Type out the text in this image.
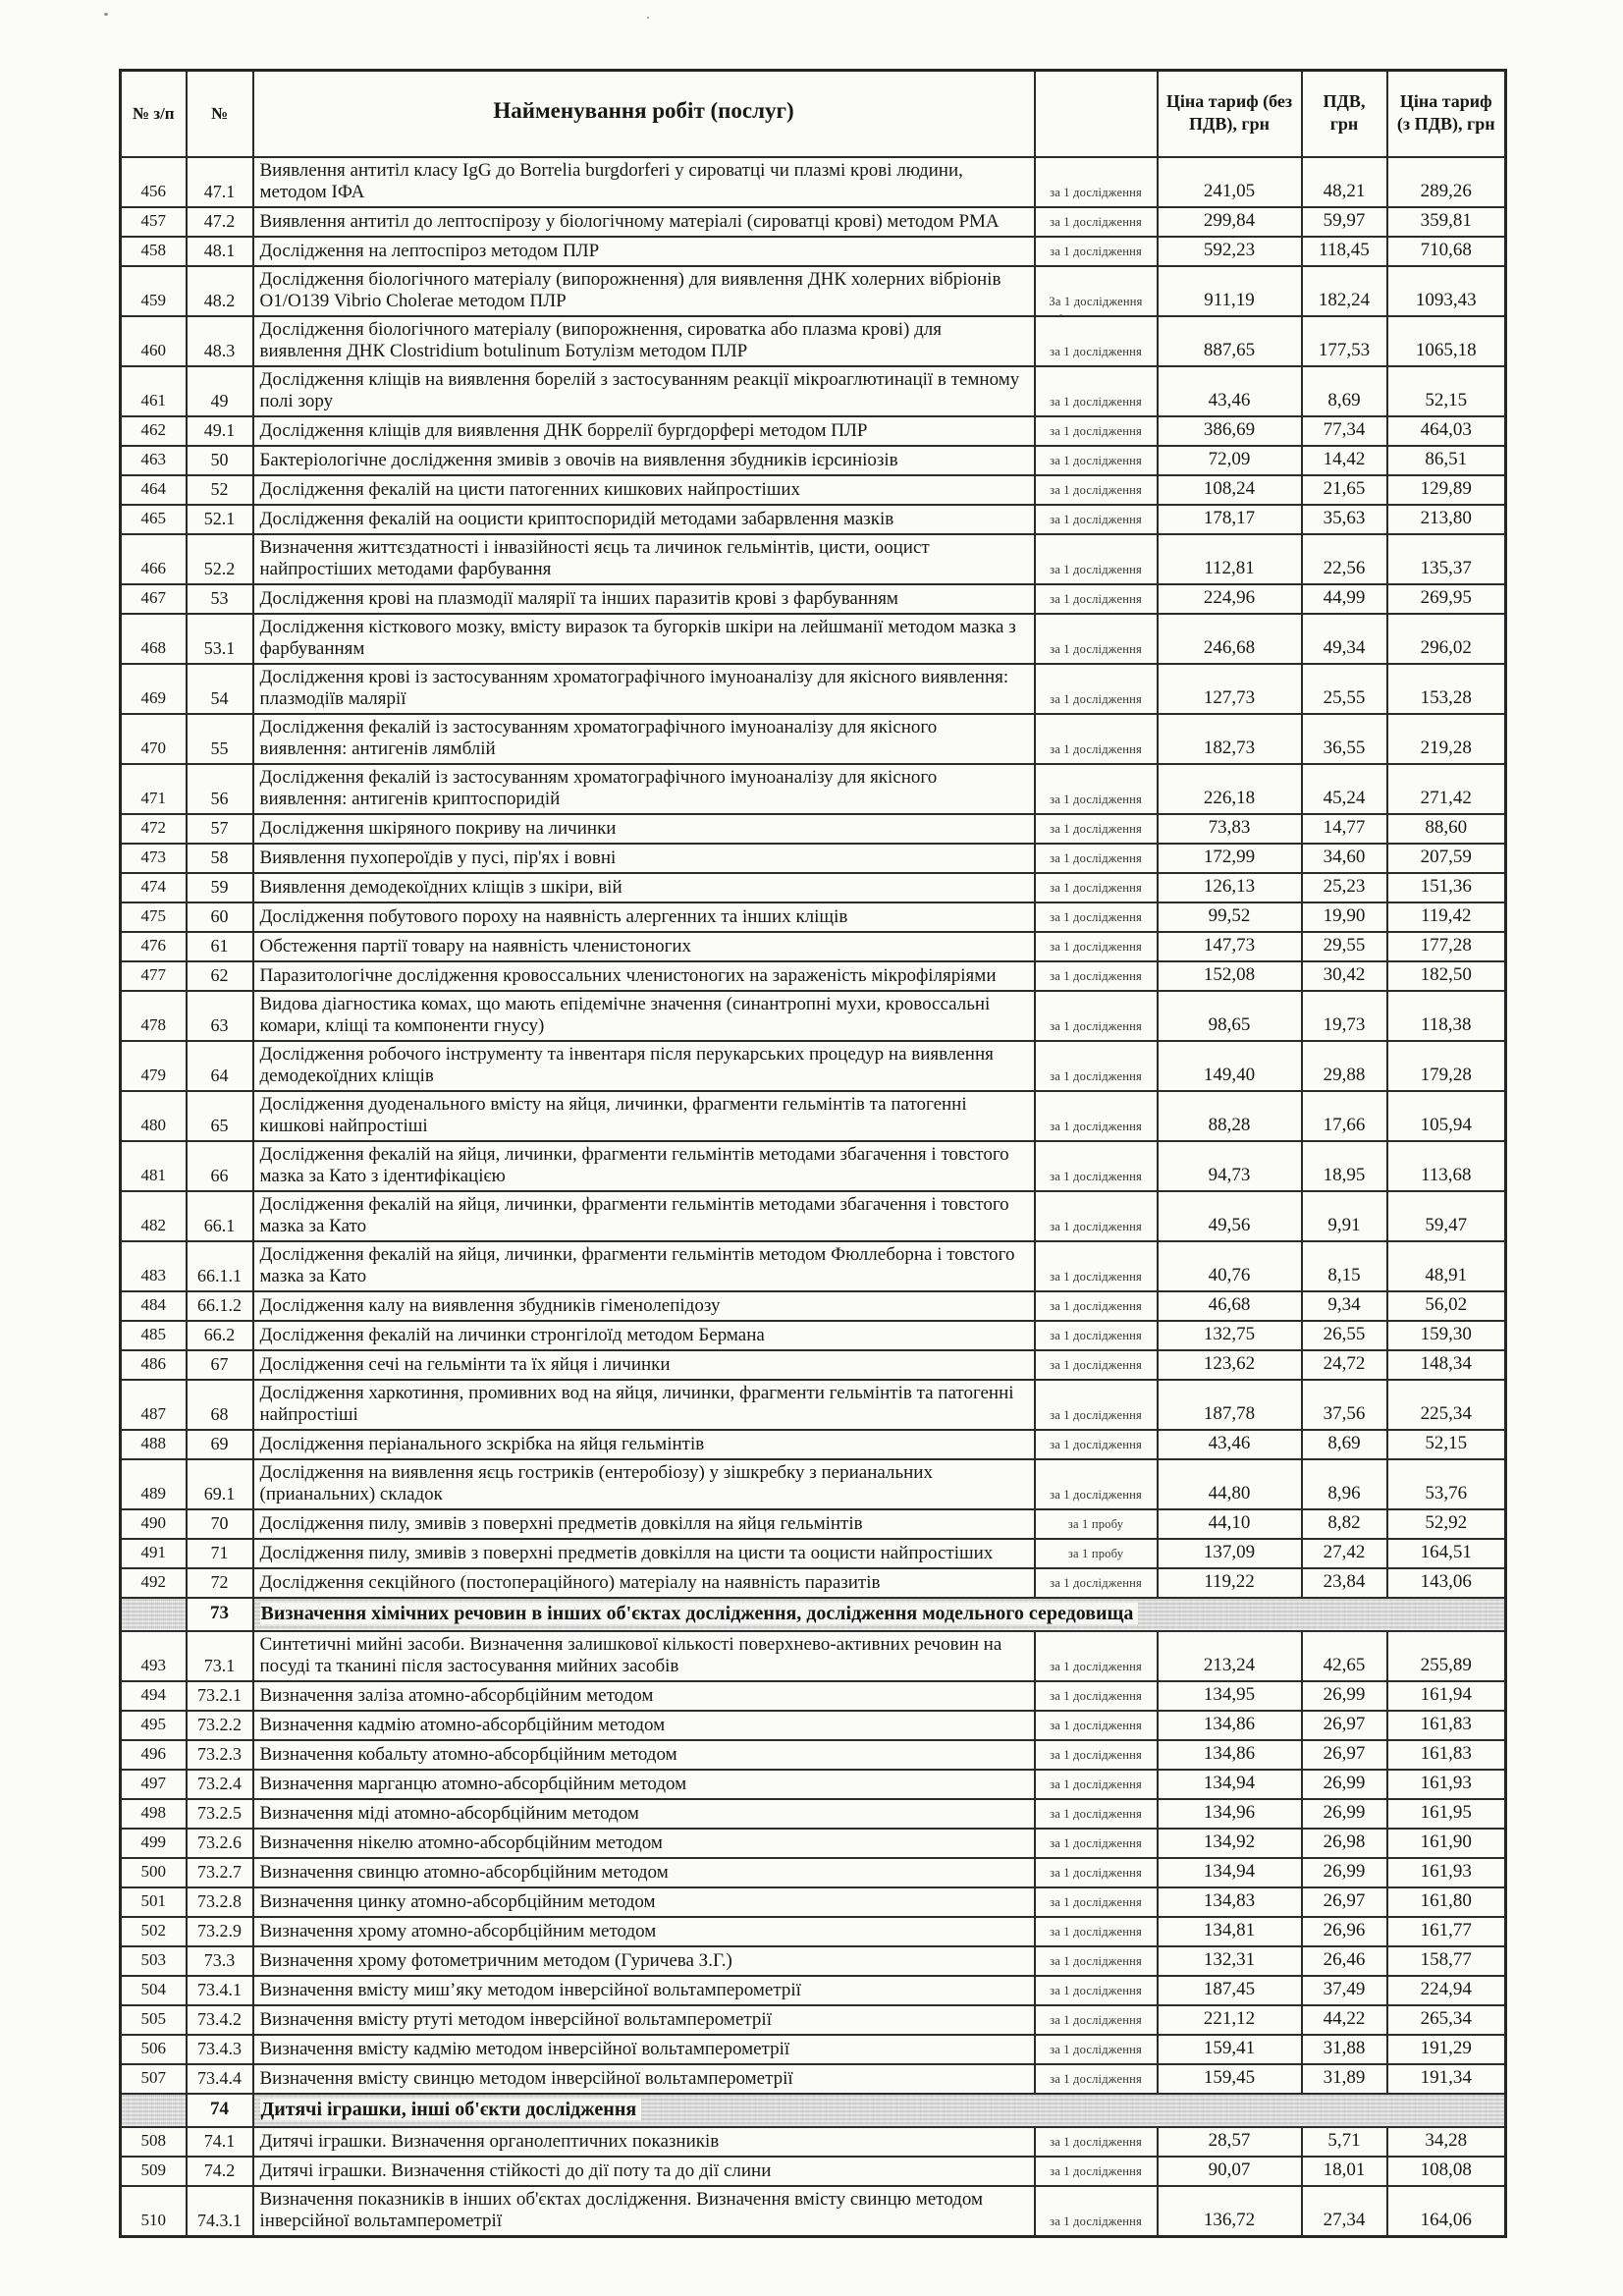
№ з/п	№	Найменування робіт (послуг)		Ціна тариф (без ПДВ), грн	ПДВ, грн	Ціна тариф (з ПДВ), грн
456	47.1	Виявлення антитіл класу IgG до Borrelia burgdorferi у сироватці чи плазмі крові людини, методом ІФА	за 1 дослідження	241,05	48,21	289,26
457	47.2	Виявлення антитіл до лептоспірозу у біологічному матеріалі (сироватці крові) методом РМА	за 1 дослідження	299,84	59,97	359,81
458	48.1	Дослідження на лептоспіроз методом ПЛР	за 1 дослідження	592,23	118,45	710,68
459	48.2	Дослідження біологічного матеріалу (випорожнення) для виявлення ДНК холерних вібріонів О1/О139 Vibrio Cholerae методом ПЛР	За 1 дослідження	911,19	182,24	1093,43
460	48.3	Дослідження біологічного матеріалу (випорожнення, сироватка або плазма крові) для виявлення ДНК Clostridium botulinum Ботулізм методом ПЛР	за 1 дослідження	887,65	177,53	1065,18
461	49	Дослідження кліщів на виявлення борелій з застосуванням реакції мікроаглютинації в темному полі зору	за 1 дослідження	43,46	8,69	52,15
462	49.1	Дослідження кліщів для виявлення ДНК боррелії бургдорфері методом ПЛР	за 1 дослідження	386,69	77,34	464,03
463	50	Бактеріологічне дослідження змивів з овочів на виявлення збудників ієрсиніозів	за 1 дослідження	72,09	14,42	86,51
464	52	Дослідження фекалій на цисти патогенних кишкових найпростіших	за 1 дослідження	108,24	21,65	129,89
465	52.1	Дослідження фекалій на ооцисти криптоспоридій методами забарвлення мазків	за 1 дослідження	178,17	35,63	213,80
466	52.2	Визначення життєздатності і інвазійності яєць та личинок гельмінтів, цисти, ооцист найпростіших методами фарбування	за 1 дослідження	112,81	22,56	135,37
467	53	Дослідження крові на плазмодії малярії та інших паразитів крові з фарбуванням	за 1 дослідження	224,96	44,99	269,95
468	53.1	Дослідження кісткового мозку, вмісту виразок та бугорків шкіри на лейшманії методом мазка з фарбуванням	за 1 дослідження	246,68	49,34	296,02
469	54	Дослідження крові із застосуванням хроматографічного імуноаналізу для якісного виявлення: плазмодіїв малярії	за 1 дослідження	127,73	25,55	153,28
470	55	Дослідження фекалій із застосуванням хроматографічного імуноаналізу для якісного виявлення: антигенів лямблій	за 1 дослідження	182,73	36,55	219,28
471	56	Дослідження фекалій із застосуванням хроматографічного імуноаналізу для якісного виявлення: антигенів криптоспоридій	за 1 дослідження	226,18	45,24	271,42
472	57	Дослідження шкіряного покриву на личинки	за 1 дослідження	73,83	14,77	88,60
473	58	Виявлення пухопероїдів у пусі, пір'ях і вовні	за 1 дослідження	172,99	34,60	207,59
474	59	Виявлення демодекоїдних кліщів з шкіри, вій	за 1 дослідження	126,13	25,23	151,36
475	60	Дослідження побутового пороху на наявність алергенних та інших кліщів	за 1 дослідження	99,52	19,90	119,42
476	61	Обстеження партії товару на наявність членистоногих	за 1 дослідження	147,73	29,55	177,28
477	62	Паразитологічне дослідження кровоссальних членистоногих на зараженість мікрофіляріями	за 1 дослідження	152,08	30,42	182,50
478	63	Видова діагностика комах, що мають епідемічне значення (синантропні мухи, кровоссальні комари, кліщі та компоненти гнусу)	за 1 дослідження	98,65	19,73	118,38
479	64	Дослідження робочого інструменту та інвентаря після перукарських процедур на виявлення демодекоїдних кліщів	за 1 дослідження	149,40	29,88	179,28
480	65	Дослідження дуоденального вмісту на яйця, личинки, фрагменти гельмінтів та патогенні кишкові найпростіші	за 1 дослідження	88,28	17,66	105,94
481	66	Дослідження фекалій на яйця, личинки, фрагменти гельмінтів методами збагачення і товстого мазка за Като з ідентифікацією	за 1 дослідження	94,73	18,95	113,68
482	66.1	Дослідження фекалій на яйця, личинки, фрагменти гельмінтів методами збагачення і товстого мазка за Като	за 1 дослідження	49,56	9,91	59,47
483	66.1.1	Дослідження фекалій на яйця, личинки, фрагменти гельмінтів методом Фюллеборна і товстого мазка за Като	за 1 дослідження	40,76	8,15	48,91
484	66.1.2	Дослідження калу на виявлення збудників гіменолепідозу	за 1 дослідження	46,68	9,34	56,02
485	66.2	Дослідження фекалій на личинки стронгілоїд методом Бермана	за 1 дослідження	132,75	26,55	159,30
486	67	Дослідження сечі на гельмінти та їх яйця і личинки	за 1 дослідження	123,62	24,72	148,34
487	68	Дослідження харкотиння, промивних вод на яйця, личинки, фрагменти гельмінтів та патогенні найпростіші	за 1 дослідження	187,78	37,56	225,34
488	69	Дослідження періанального зскрібка на яйця гельмінтів	за 1 дослідження	43,46	8,69	52,15
489	69.1	Дослідження на виявлення яєць гостриків (ентеробіозу) у зішкребку з перианальних (прианальних) складок	за 1 дослідження	44,80	8,96	53,76
490	70	Дослідження пилу, змивів з поверхні предметів довкілля на яйця гельмінтів	за 1 пробу	44,10	8,82	52,92
491	71	Дослідження пилу, змивів з поверхні предметів довкілля на цисти та ооцисти найпростіших	за 1 пробу	137,09	27,42	164,51
492	72	Дослідження секційного (постопераційного) матеріалу на наявність паразитів	за 1 дослідження	119,22	23,84	143,06
	73	Визначення хімічних речовин в інших об'єктах дослідження, дослідження модельного середовища				
493	73.1	Синтетичні мийні засоби. Визначення залишкової кількості поверхнево-активних речовин на посуді та тканині після застосування мийних засобів	за 1 дослідження	213,24	42,65	255,89
494	73.2.1	Визначення заліза атомно-абсорбційним методом	за 1 дослідження	134,95	26,99	161,94
495	73.2.2	Визначення кадмію атомно-абсорбційним методом	за 1 дослідження	134,86	26,97	161,83
496	73.2.3	Визначення кобальту атомно-абсорбційним методом	за 1 дослідження	134,86	26,97	161,83
497	73.2.4	Визначення марганцю атомно-абсорбційним методом	за 1 дослідження	134,94	26,99	161,93
498	73.2.5	Визначення міді атомно-абсорбційним методом	за 1 дослідження	134,96	26,99	161,95
499	73.2.6	Визначення нікелю атомно-абсорбційним методом	за 1 дослідження	134,92	26,98	161,90
500	73.2.7	Визначення свинцю атомно-абсорбційним методом	за 1 дослідження	134,94	26,99	161,93
501	73.2.8	Визначення цинку атомно-абсорбційним методом	за 1 дослідження	134,83	26,97	161,80
502	73.2.9	Визначення хрому атомно-абсорбційним методом	за 1 дослідження	134,81	26,96	161,77
503	73.3	Визначення хрому фотометричним методом (Гуричева З.Г.)	за 1 дослідження	132,31	26,46	158,77
504	73.4.1	Визначення вмісту миш’яку методом інверсійної вольтамперометрії	за 1 дослідження	187,45	37,49	224,94
505	73.4.2	Визначення вмісту ртуті методом інверсійної вольтамперометрії	за 1 дослідження	221,12	44,22	265,34
506	73.4.3	Визначення вмісту кадмію методом інверсійної вольтамперометрії	за 1 дослідження	159,41	31,88	191,29
507	73.4.4	Визначення вмісту свинцю методом інверсійної вольтамперометрії	за 1 дослідження	159,45	31,89	191,34
	74	Дитячі іграшки, інші об'єкти дослідження				
508	74.1	Дитячі іграшки. Визначення органолептичних показників	за 1 дослідження	28,57	5,71	34,28
509	74.2	Дитячі іграшки. Визначення стійкості до дії поту та до дії слини	за 1 дослідження	90,07	18,01	108,08
510	74.3.1	Визначення показників в інших об'єктах дослідження. Визначення вмісту свинцю методом інверсійної вольтамперометрії	за 1 дослідження	136,72	27,34	164,06
